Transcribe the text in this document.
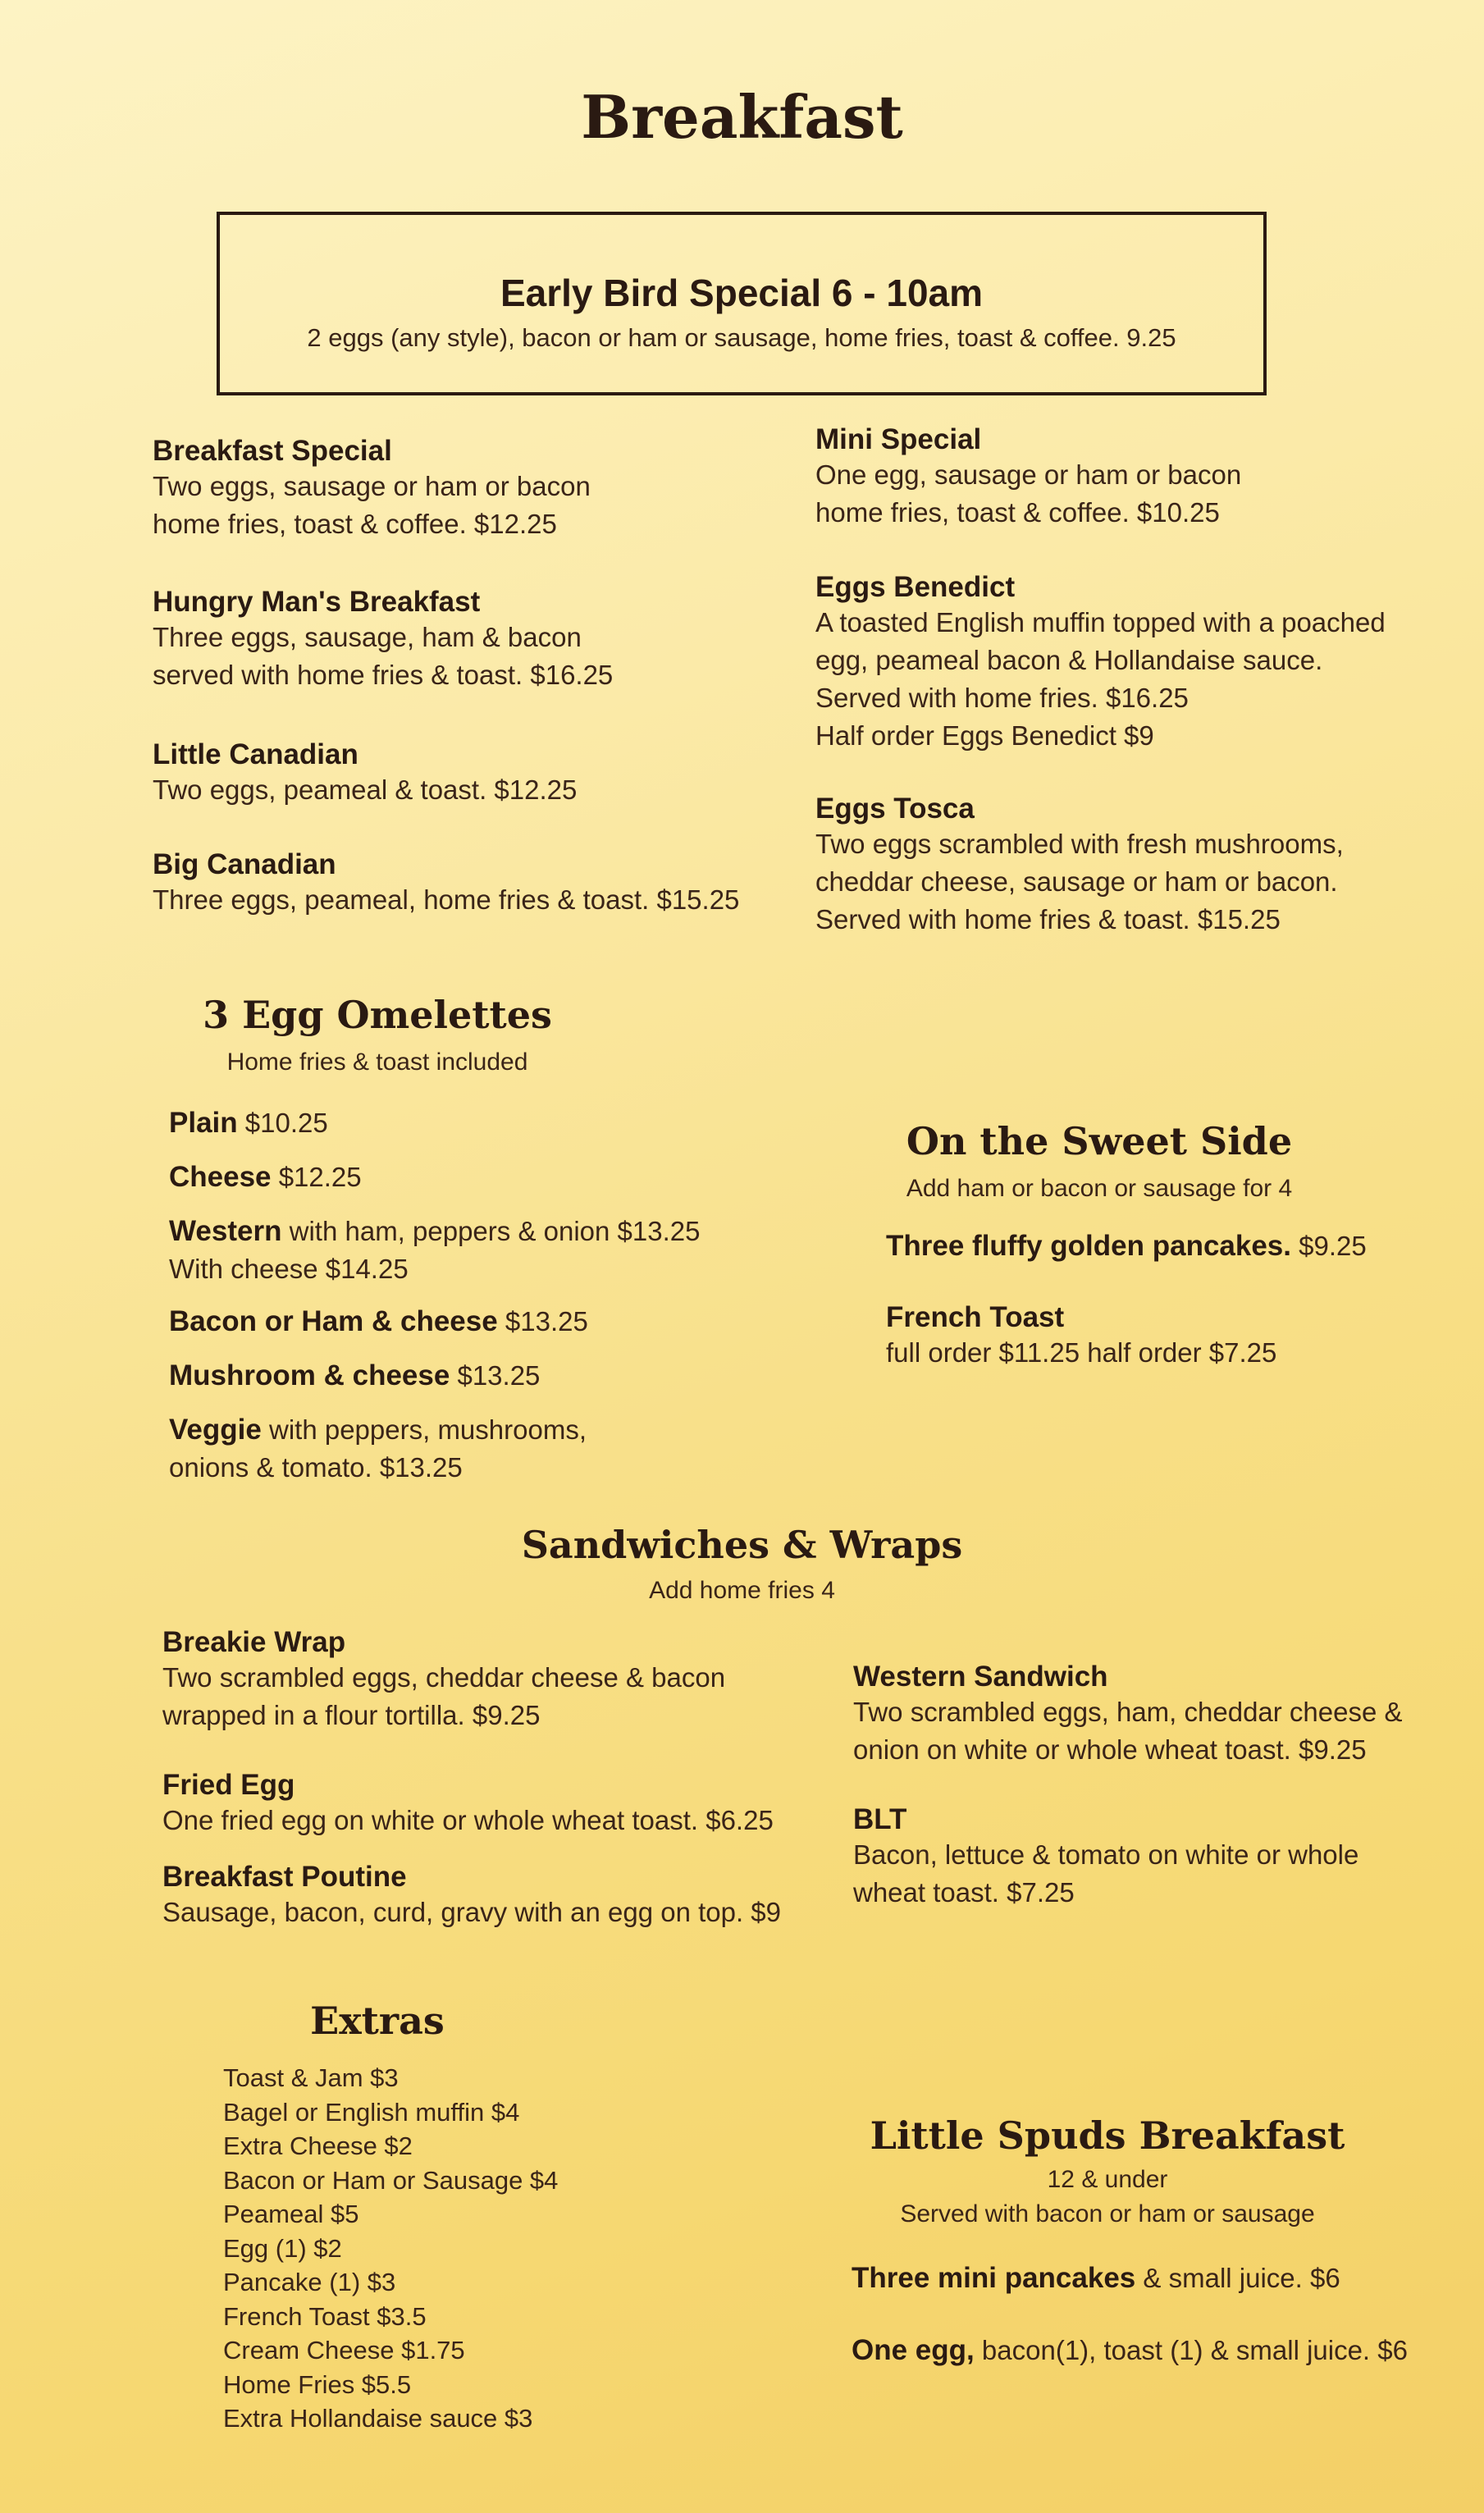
Breakfast
Early Bird Special 6 - 10am
2 eggs (any style), bacon or ham or sausage, home fries, toast & coffee. 9.25
Breakfast Special
Two eggs, sausage or ham or bacon
home fries, toast & coffee. $12.25
Hungry Man's Breakfast
Three eggs, sausage, ham & bacon
served with home fries & toast. $16.25
Little Canadian
Two eggs, peameal & toast. $12.25
Big Canadian
Three eggs, peameal, home fries & toast. $15.25
Mini Special
One egg, sausage or ham or bacon
home fries, toast & coffee. $10.25
Eggs Benedict
A toasted English muffin topped with a poached
egg, peameal bacon & Hollandaise sauce.
Served with home fries. $16.25
Half order Eggs Benedict $9
Eggs Tosca
Two eggs scrambled with fresh mushrooms,
cheddar cheese, sausage or ham or bacon.
Served with home fries & toast. $15.25
3 Egg Omelettes
Home fries & toast included
Plain $10.25
Cheese $12.25
Western with ham, peppers & onion $13.25
With cheese $14.25
Bacon or Ham & cheese $13.25
Mushroom & cheese $13.25
Veggie with peppers, mushrooms,
onions & tomato. $13.25
On the Sweet Side
Add ham or bacon or sausage for 4
Three fluffy golden pancakes. $9.25
French Toast
full order $11.25 half order $7.25
Sandwiches & Wraps
Add home fries 4
Breakie Wrap
Two scrambled eggs, cheddar cheese & bacon
wrapped in a flour tortilla. $9.25
Fried Egg
One fried egg on white or whole wheat toast. $6.25
Breakfast Poutine
Sausage, bacon, curd, gravy with an egg on top. $9
Western Sandwich
Two scrambled eggs, ham, cheddar cheese &
onion on white or whole wheat toast. $9.25
BLT
Bacon, lettuce & tomato on white or whole
wheat toast. $7.25
Extras
Toast & Jam $3
Bagel or English muffin $4
Extra Cheese $2
Bacon or Ham or Sausage $4
Peameal $5
Egg (1) $2
Pancake (1) $3
French Toast $3.5
Cream Cheese $1.75
Home Fries $5.5
Extra Hollandaise sauce $3
Little Spuds Breakfast
12 & under
Served with bacon or ham or sausage
Three mini pancakes & small juice. $6
One egg, bacon(1), toast (1) & small juice. $6
